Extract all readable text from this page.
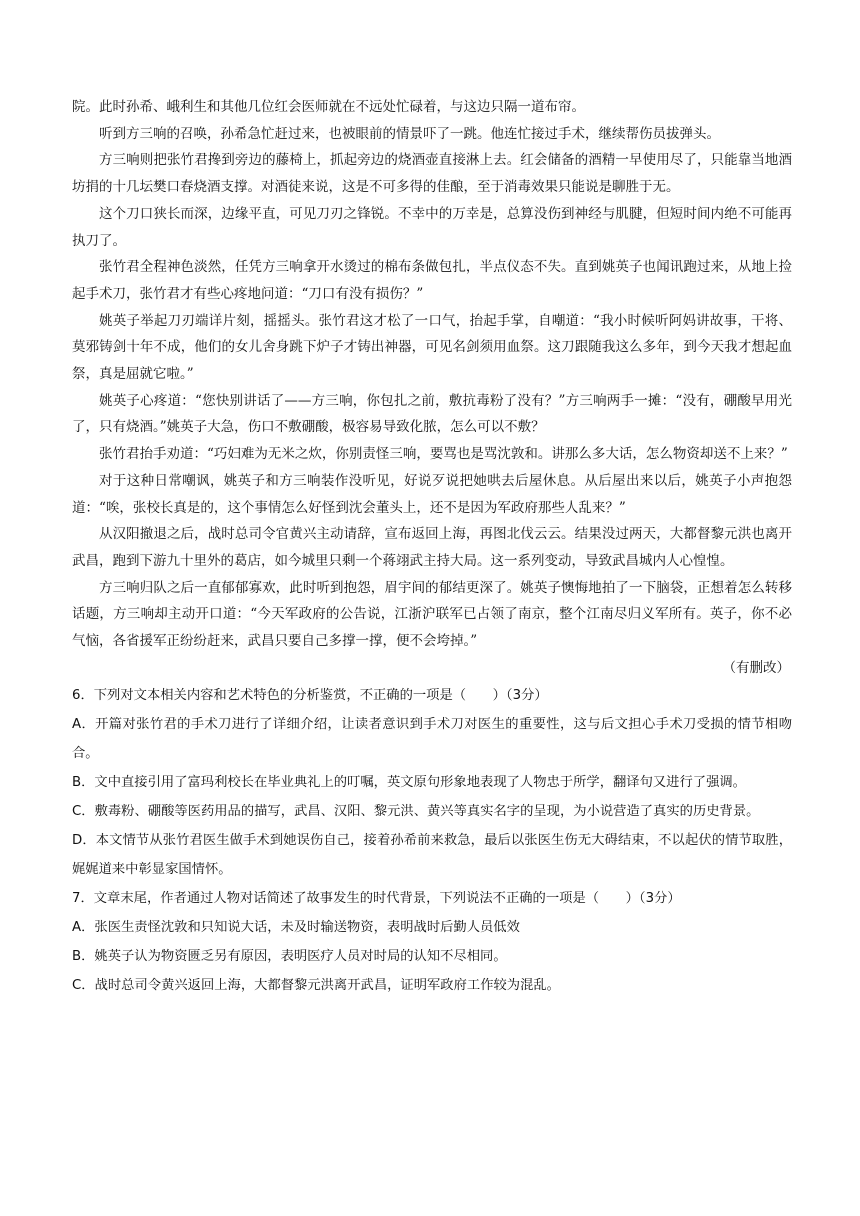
院。此时孙希、峨利生和其他几位红会医师就在不远处忙碌着，与这边只隔一道布帘。

听到方三响的召唤，孙希急忙赶过来，也被眼前的情景吓了一跳。他连忙接过手术，继续帮伤员拔弹头。

方三响则把张竹君搀到旁边的藤椅上，抓起旁边的烧酒壶直接淋上去。红会储备的酒精一早使用尽了，只能靠当地酒坊捐的十几坛樊口春烧酒支撑。对酒徒来说，这是不可多得的佳酿，至于消毒效果只能说是聊胜于无。

这个刀口狭长而深，边缘平直，可见刀刃之锋锐。不幸中的万幸是，总算没伤到神经与肌腱，但短时间内绝不可能再执刀了。

张竹君全程神色淡然，任凭方三响拿开水烫过的棉布条做包扎，半点仪态不失。直到姚英子也闻讯跑过来，从地上捡起手术刀，张竹君才有些心疼地问道：“刀口有没有损伤？”

姚英子举起刀刃端详片刻，摇摇头。张竹君这才松了一口气，抬起手掌，自嘲道：“我小时候听阿妈讲故事，干将、莫邪铸剑十年不成，他们的女儿舍身跳下炉子才铸出神器，可见名剑须用血祭。这刀跟随我这么多年，到今天我才想起血祭，真是屈就它啦。”

姚英子心疼道：“您快别讲话了——方三响，你包扎之前，敷抗毒粉了没有？”方三响两手一摊：“没有，硼酸早用光了，只有烧酒。”姚英子大急，伤口不敷硼酸，极容易导致化脓，怎么可以不敷？

张竹君抬手劝道：“巧妇难为无米之炊，你别责怪三响，要骂也是骂沈敦和。讲那么多大话，怎么物资却送不上来？”

对于这种日常嘲讽，姚英子和方三响装作没听见，好说歹说把她哄去后屋休息。从后屋出来以后，姚英子小声抱怨道：“唉，张校长真是的，这个事情怎么好怪到沈会董头上，还不是因为军政府那些人乱来？”

从汉阳撤退之后，战时总司令官黄兴主动请辞，宣布返回上海，再图北伐云云。结果没过两天，大都督黎元洪也离开武昌，跑到下游九十里外的葛店，如今城里只剩一个蒋翊武主持大局。这一系列变动，导致武昌城内人心惶惶。

方三响归队之后一直郁郁寡欢，此时听到抱怨，眉宇间的郁结更深了。姚英子懊悔地拍了一下脑袋，正想着怎么转移话题，方三响却主动开口道：“今天军政府的公告说，江浙沪联军已占领了南京，整个江南尽归义军所有。英子，你不必气恼，各省援军正纷纷赶来，武昌只要自己多撑一撑，便不会垮掉。”

（有删改）

6．下列对文本相关内容和艺术特色的分析鉴赏，不正确的一项是（　　）（3分）

A．开篇对张竹君的手术刀进行了详细介绍，让读者意识到手术刀对医生的重要性，这与后文担心手术刀受损的情节相吻合。

B．文中直接引用了富玛利校长在毕业典礼上的叮嘱，英文原句形象地表现了人物忠于所学，翻译句又进行了强调。

C．敷毒粉、硼酸等医药用品的描写，武昌、汉阳、黎元洪、黄兴等真实名字的呈现，为小说营造了真实的历史背景。

D．本文情节从张竹君医生做手术到她误伤自己，接着孙希前来救急，最后以张医生伤无大碍结束，不以起伏的情节取胜，娓娓道来中彰显家国情怀。

7．文章末尾，作者通过人物对话简述了故事发生的时代背景，下列说法不正确的一项是（　　）（3分）

A．张医生责怪沈敦和只知说大话，未及时输送物资，表明战时后勤人员低效

B．姚英子认为物资匮乏另有原因，表明医疗人员对时局的认知不尽相同。

C．战时总司令黄兴返回上海，大都督黎元洪离开武昌，证明军政府工作较为混乱。
